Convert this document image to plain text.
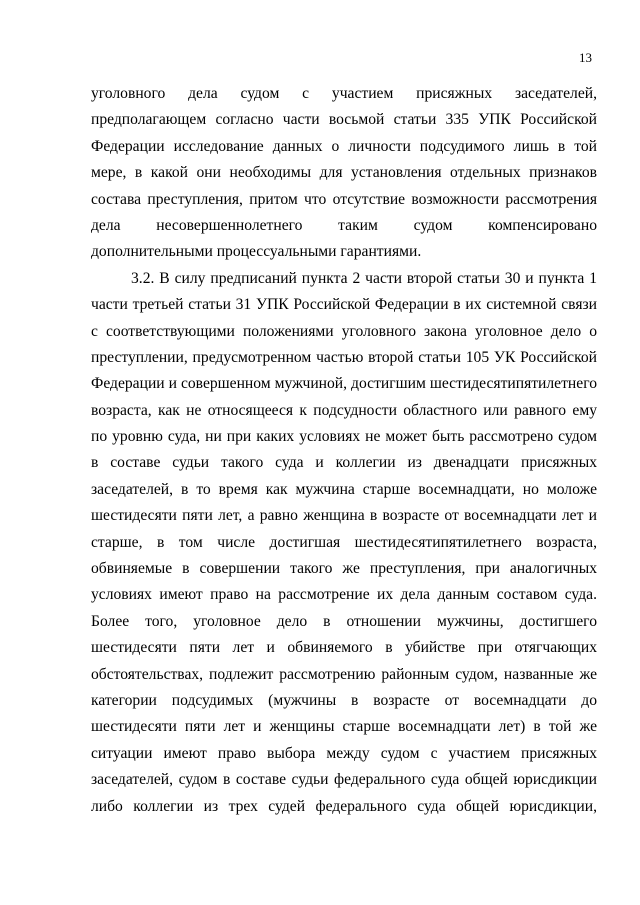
13
уголовного дела судом с участием присяжных заседателей,
предполагающем согласно части восьмой статьи 335 УПК Российской
Федерации исследование данных о личности подсудимого лишь в той
мере, в какой они необходимы для установления отдельных признаков
состава преступления, притом что отсутствие возможности рассмотрения
дела несовершеннолетнего таким судом компенсировано
дополнительными процессуальными гарантиями.
3.2. В силу предписаний пункта 2 части второй статьи 30 и пункта 1
части третьей статьи 31 УПК Российской Федерации в их системной связи
с соответствующими положениями уголовного закона уголовное дело о
преступлении, предусмотренном частью второй статьи 105 УК Российской
Федерации и совершенном мужчиной, достигшим шестидесятипятилетнего
возраста, как не относящееся к подсудности областного или равного ему
по уровню суда, ни при каких условиях не может быть рассмотрено судом
в составе судьи такого суда и коллегии из двенадцати присяжных
заседателей, в то время как мужчина старше восемнадцати, но моложе
шестидесяти пяти лет, а равно женщина в возрасте от восемнадцати лет и
старше, в том числе достигшая шестидесятипятилетнего возраста,
обвиняемые в совершении такого же преступления, при аналогичных
условиях имеют право на рассмотрение их дела данным составом суда.
Более того, уголовное дело в отношении мужчины, достигшего
шестидесяти пяти лет и обвиняемого в убийстве при отягчающих
обстоятельствах, подлежит рассмотрению районным судом, названные же
категории подсудимых (мужчины в возрасте от восемнадцати до
шестидесяти пяти лет и женщины старше восемнадцати лет) в той же
ситуации имеют право выбора между судом с участием присяжных
заседателей, судом в составе судьи федерального суда общей юрисдикции
либо коллегии из трех судей федерального суда общей юрисдикции,
